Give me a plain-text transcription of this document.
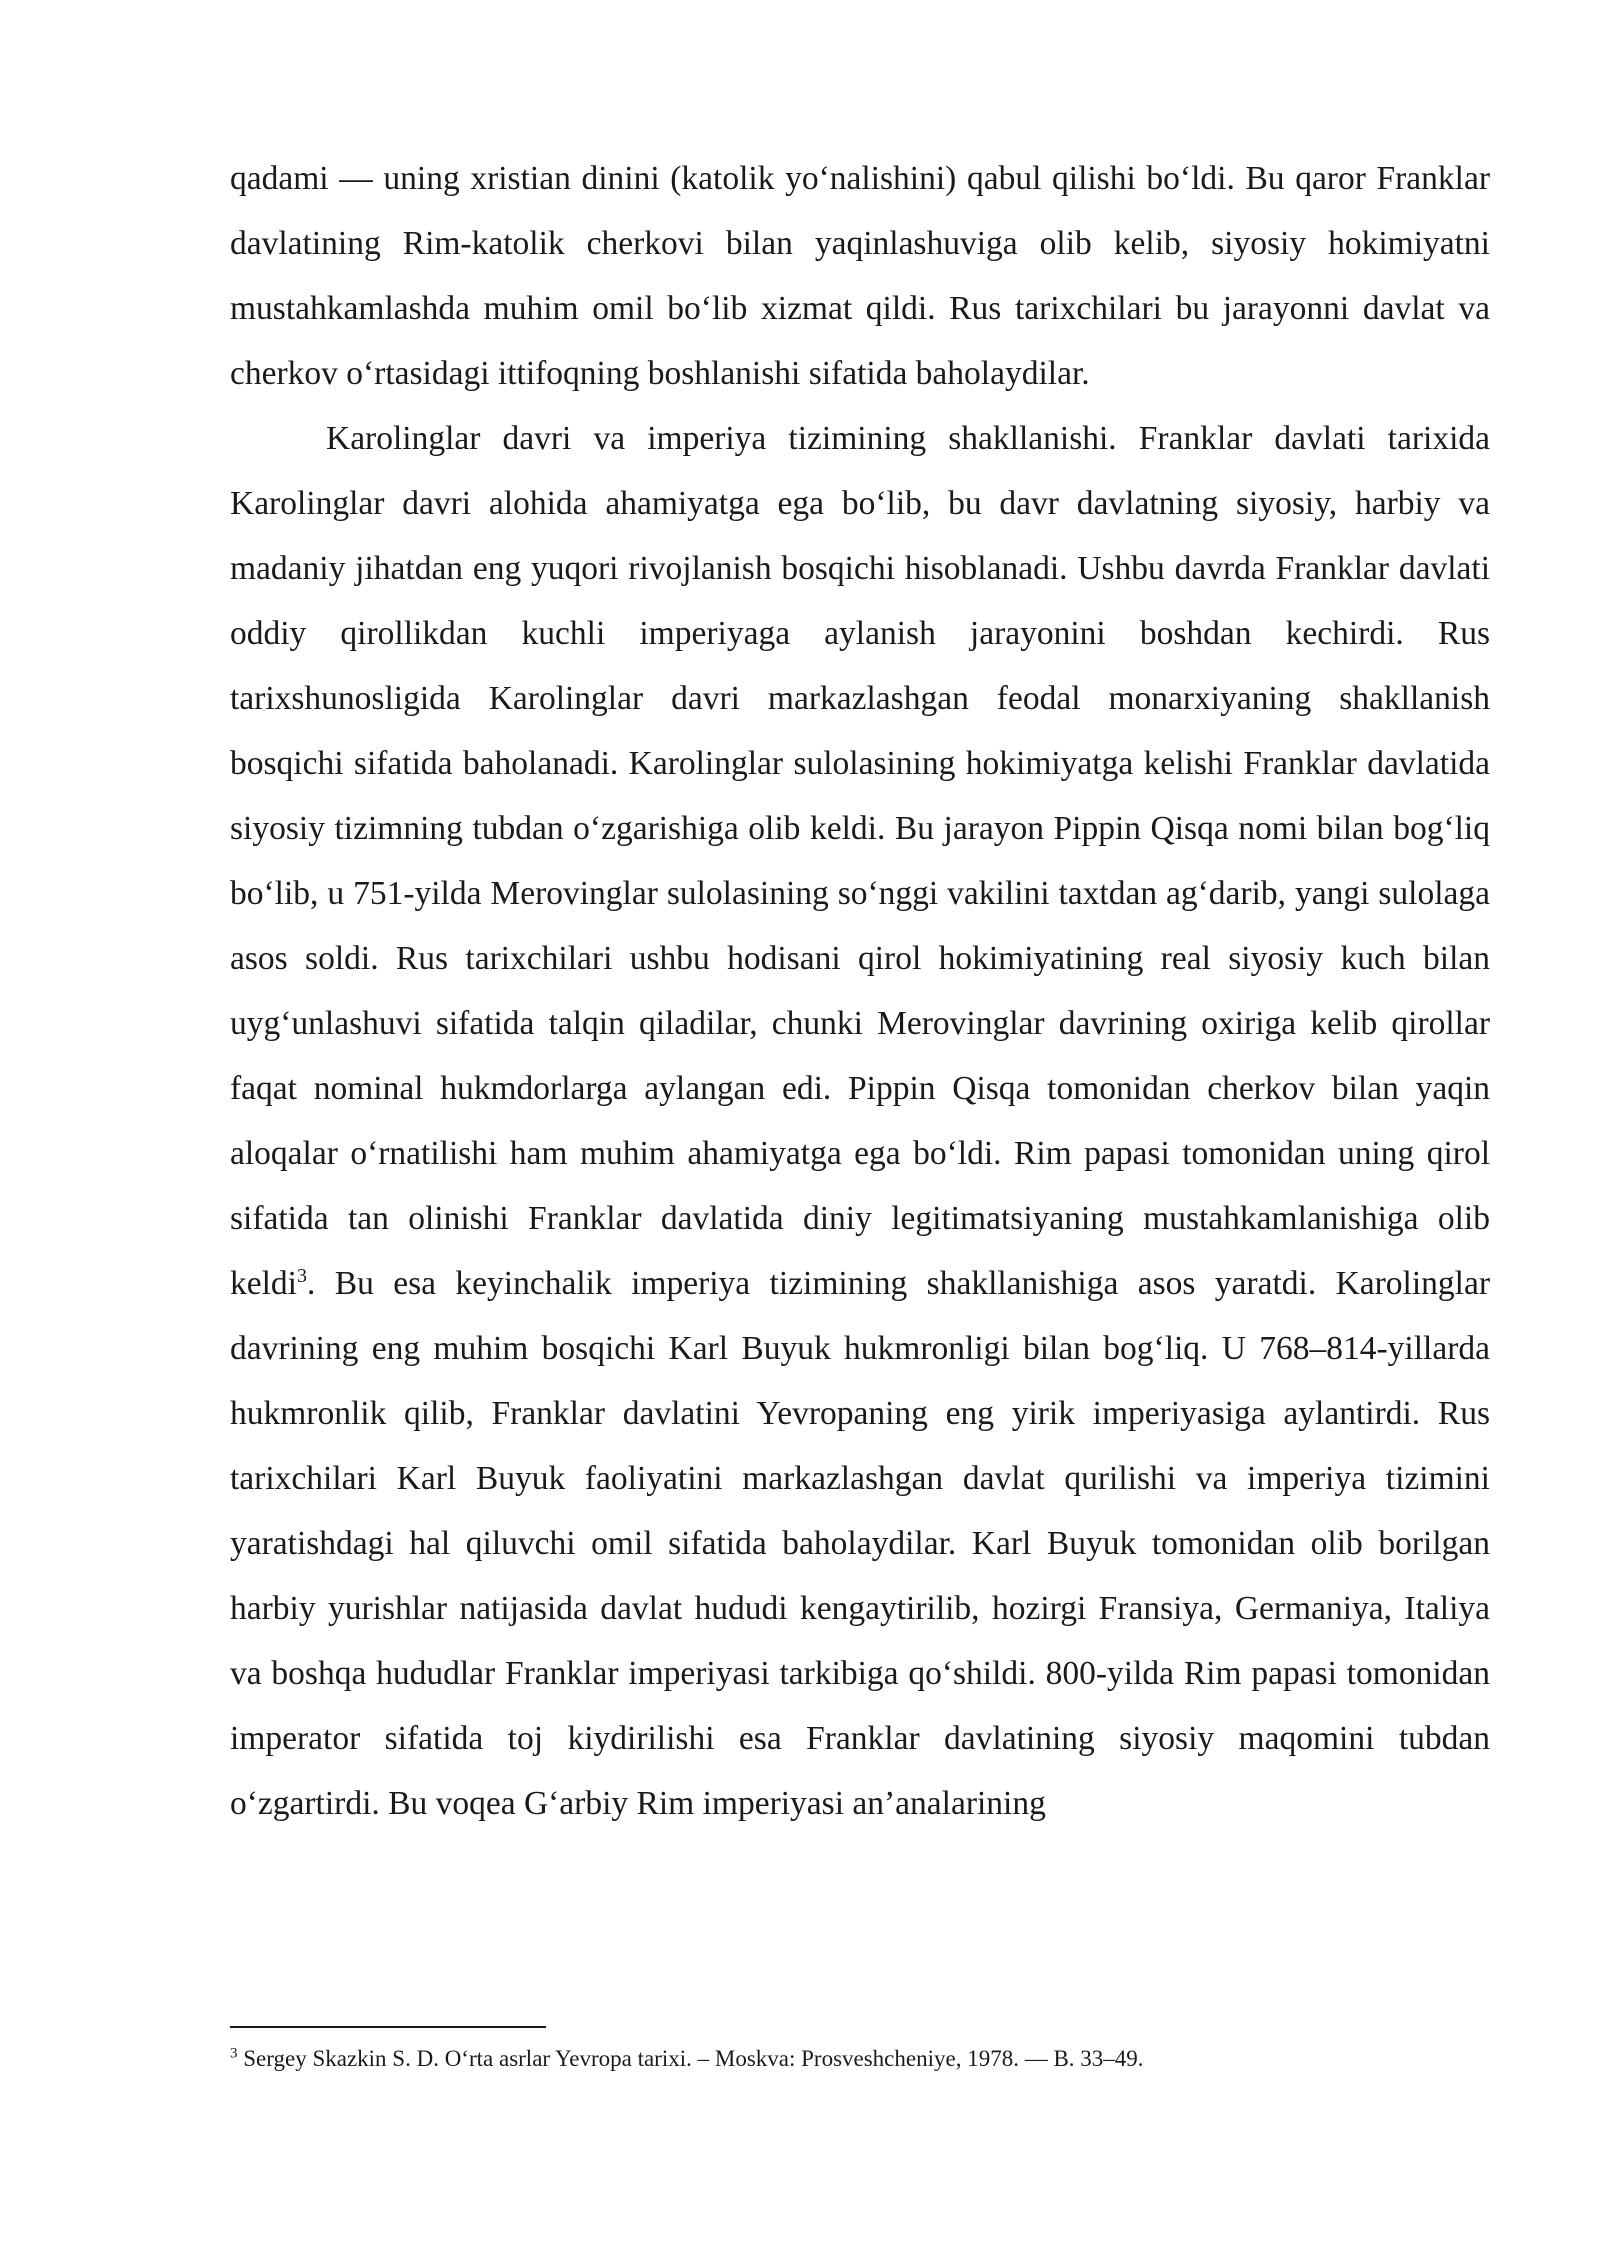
qadami — uning xristian dinini (katolik yo‘nalishini) qabul qilishi bo‘ldi. Bu qaror Franklar davlatining Rim-katolik cherkovi bilan yaqinlashuviga olib kelib, siyosiy hokimiyatni mustahkamlashda muhim omil bo‘lib xizmat qildi. Rus tarixchilari bu jarayonni davlat va cherkov o‘rtasidagi ittifoqning boshlanishi sifatida baholaydilar.

Karolinglar davri va imperiya tizimining shakllanishi. Franklar davlati tarixida Karolinglar davri alohida ahamiyatga ega bo‘lib, bu davr davlatning siyosiy, harbiy va madaniy jihatdan eng yuqori rivojlanish bosqichi hisoblanadi. Ushbu davrda Franklar davlati oddiy qirollikdan kuchli imperiyaga aylanish jarayonini boshdan kechirdi. Rus tarixshunosligida Karolinglar davri markazlashgan feodal monarxiyaning shakllanish bosqichi sifatida baholanadi. Karolinglar sulolasining hokimiyatga kelishi Franklar davlatida siyosiy tizimning tubdan o‘zgarishiga olib keldi. Bu jarayon Pippin Qisqa nomi bilan bog‘liq bo‘lib, u 751-yilda Merovinglar sulolasining so‘nggi vakilini taxtdan ag‘darib, yangi sulolaga asos soldi. Rus tarixchilari ushbu hodisani qirol hokimiyatining real siyosiy kuch bilan uyg‘unlashuvi sifatida talqin qiladilar, chunki Merovinglar davrining oxiriga kelib qirollar faqat nominal hukmdorlarga aylangan edi. Pippin Qisqa tomonidan cherkov bilan yaqin aloqalar o‘rnatilishi ham muhim ahamiyatga ega bo‘ldi. Rim papasi tomonidan uning qirol sifatida tan olinishi Franklar davlatida diniy legitimatsiyaning mustahkamlanishiga olib keldi$^3$. Bu esa keyinchalik imperiya tizimining shakllanishiga asos yaratdi. Karolinglar davrining eng muhim bosqichi Karl Buyuk hukmronligi bilan bog‘liq. U 768–814-yillarda hukmronlik qilib, Franklar davlatini Yevropaning eng yirik imperiyasiga aylantirdi. Rus tarixchilari Karl Buyuk faoliyatini markazlashgan davlat qurilishi va imperiya tizimini yaratishdagi hal qiluvchi omil sifatida baholaydilar. Karl Buyuk tomonidan olib borilgan harbiy yurishlar natijasida davlat hududi kengaytirilib, hozirgi Fransiya, Germaniya, Italiya va boshqa hududlar Franklar imperiyasi tarkibiga qo‘shildi. 800-yilda Rim papasi tomonidan imperator sifatida toj kiydirilishi esa Franklar davlatining siyosiy maqomini tubdan o‘zgartirdi. Bu voqea G‘arbiy Rim imperiyasi an’analarining

$^3$ Sergey Skazkin S. D. O‘rta asrlar Yevropa tarixi. – Moskva: Prosveshcheniye, 1978. — B. 33–49.
